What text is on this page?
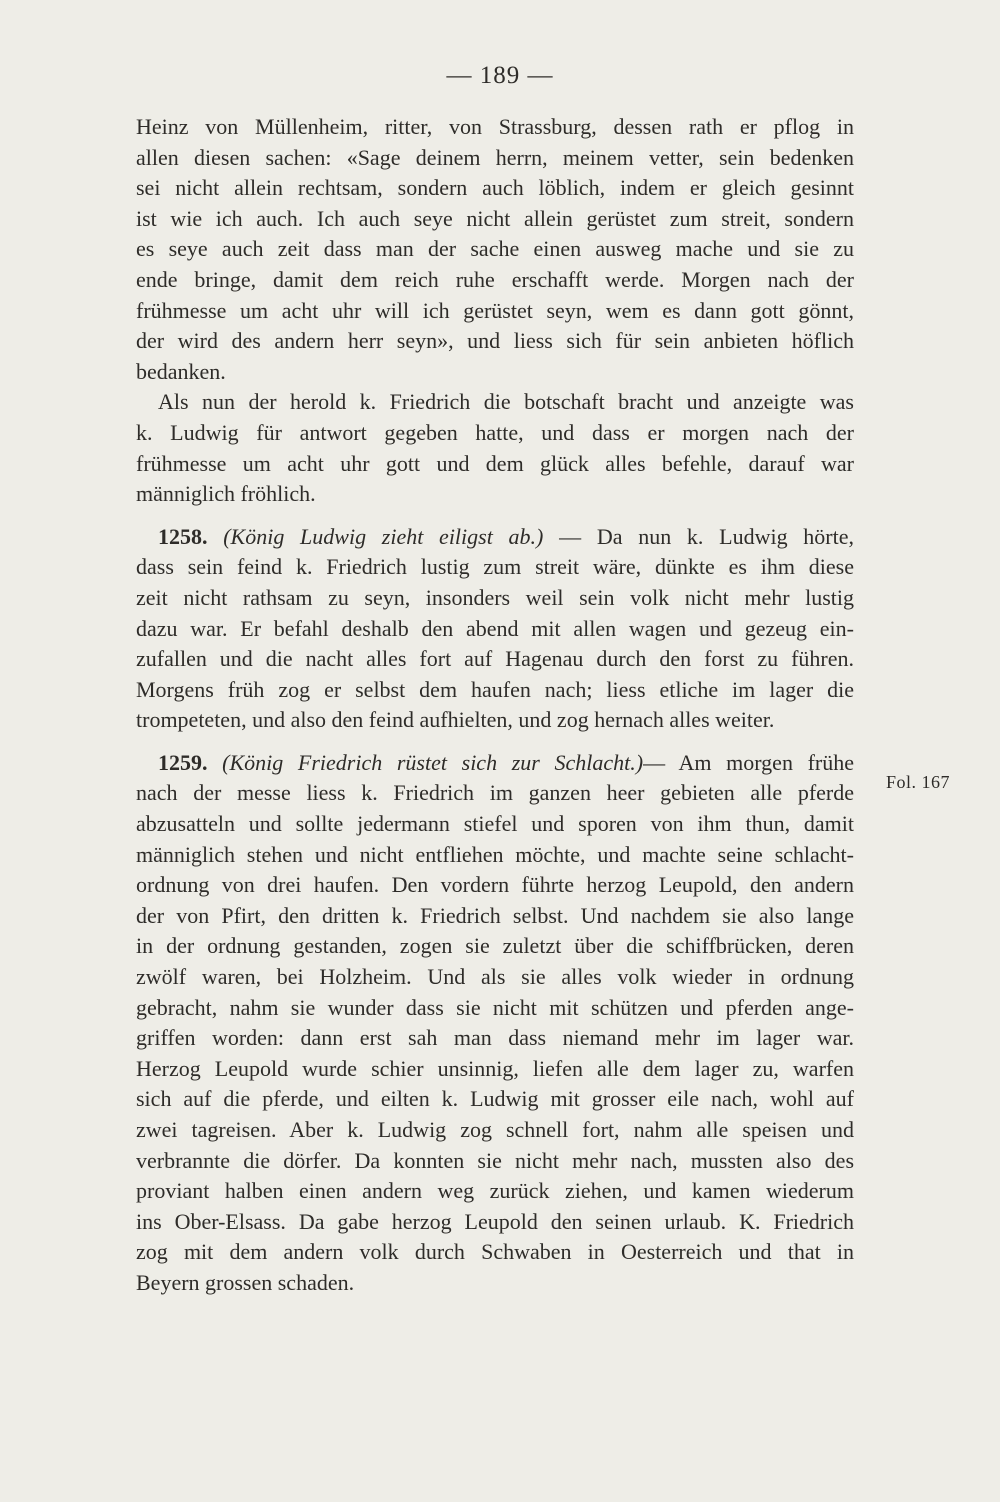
— 189 —
Fol. 167

Heinz von Müllenheim, ritter, von Strassburg, dessen rath er pflog in
allen diesen sachen: «Sage deinem herrn, meinem vetter, sein bedenken
sei nicht allein rechtsam, sondern auch löblich, indem er gleich gesinnt
ist wie ich auch. Ich auch seye nicht allein gerüstet zum streit, sondern
es seye auch zeit dass man der sache einen ausweg mache und sie zu
ende bringe, damit dem reich ruhe erschafft werde. Morgen nach der
frühmesse um acht uhr will ich gerüstet seyn, wem es dann gott gönnt,
der wird des andern herr seyn», und liess sich für sein anbieten höflich
bedanken.

Als nun der herold k. Friedrich die botschaft bracht und anzeigte was
k. Ludwig für antwort gegeben hatte, und dass er morgen nach der
frühmesse um acht uhr gott und dem glück alles befehle, darauf war
männiglich fröhlich.

1258. (König Ludwig zieht eiligst ab.) — Da nun k. Ludwig hörte,
dass sein feind k. Friedrich lustig zum streit wäre, dünkte es ihm diese
zeit nicht rathsam zu seyn, insonders weil sein volk nicht mehr lustig
dazu war. Er befahl deshalb den abend mit allen wagen und gezeug ein-
zufallen und die nacht alles fort auf Hagenau durch den forst zu führen.
Morgens früh zog er selbst dem haufen nach; liess etliche im lager die
trompeteten, und also den feind aufhielten, und zog hernach alles weiter.

1259. (König Friedrich rüstet sich zur Schlacht.)— Am morgen frühe
nach der messe liess k. Friedrich im ganzen heer gebieten alle pferde
abzusatteln und sollte jedermann stiefel und sporen von ihm thun, damit
männiglich stehen und nicht entfliehen möchte, und machte seine schlacht-
ordnung von drei haufen. Den vordern führte herzog Leupold, den andern
der von Pfirt, den dritten k. Friedrich selbst. Und nachdem sie also lange
in der ordnung gestanden, zogen sie zuletzt über die schiffbrücken, deren
zwölf waren, bei Holzheim. Und als sie alles volk wieder in ordnung
gebracht, nahm sie wunder dass sie nicht mit schützen und pferden ange-
griffen worden: dann erst sah man dass niemand mehr im lager war.
Herzog Leupold wurde schier unsinnig, liefen alle dem lager zu, warfen
sich auf die pferde, und eilten k. Ludwig mit grosser eile nach, wohl auf
zwei tagreisen. Aber k. Ludwig zog schnell fort, nahm alle speisen und
verbrannte die dörfer. Da konnten sie nicht mehr nach, mussten also des
proviant halben einen andern weg zurück ziehen, und kamen wiederum
ins Ober-Elsass. Da gabe herzog Leupold den seinen urlaub. K. Friedrich
zog mit dem andern volk durch Schwaben in Oesterreich und that in
Beyern grossen schaden.
